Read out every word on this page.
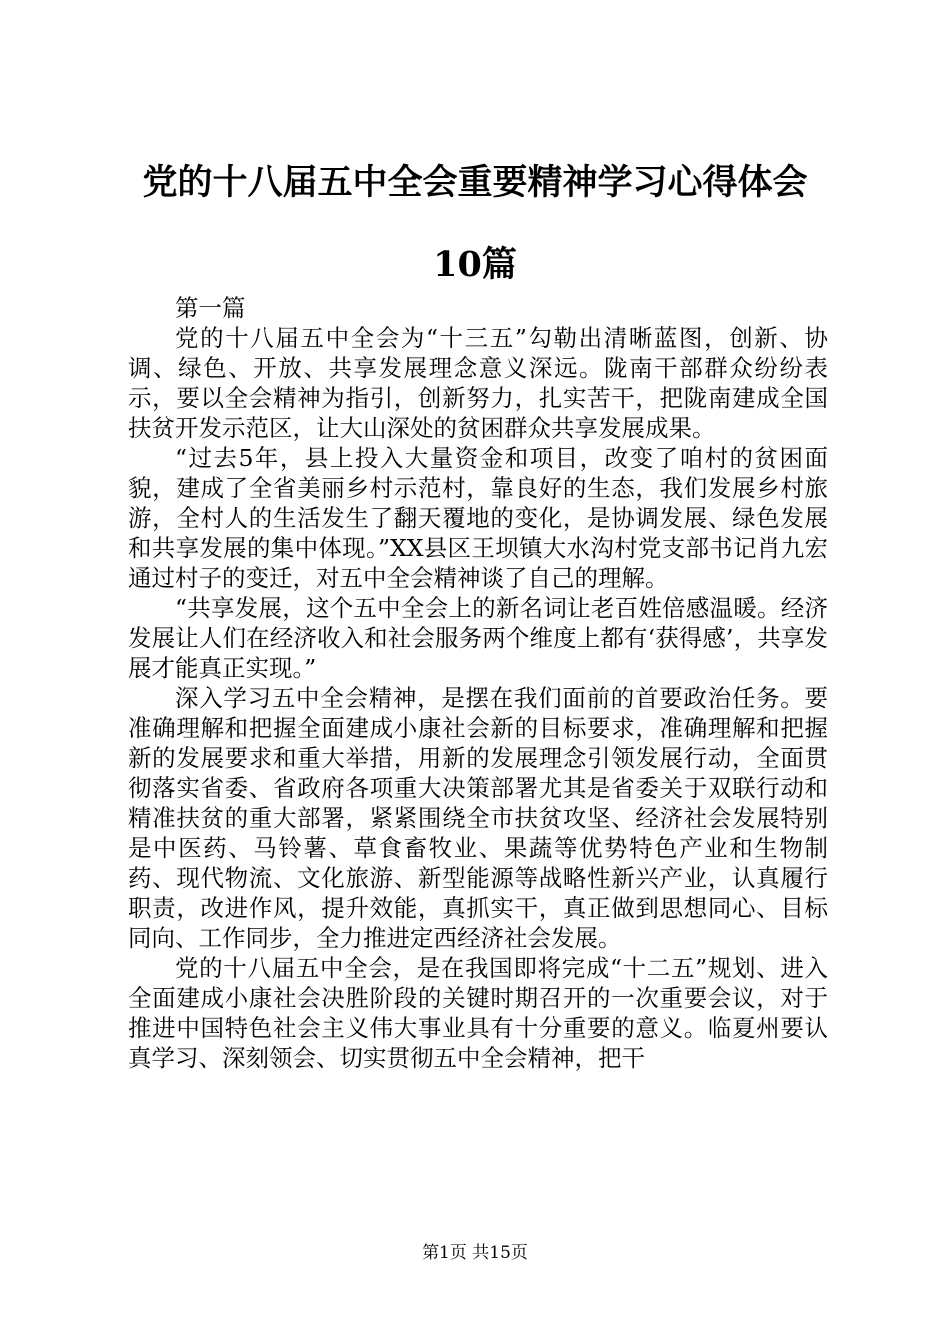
党的十八届五中全会重要精神学习心得体会
10篇

第一篇

党的十八届五中全会为“十三五”勾勒出清晰蓝图，创新、协调、绿色、开放、共享发展理念意义深远。陇南干部群众纷纷表示，要以全会精神为指引，创新努力，扎实苦干，把陇南建成全国扶贫开发示范区，让大山深处的贫困群众共享发展成果。

“过去5年，县上投入大量资金和项目，改变了咱村的贫困面貌，建成了全省美丽乡村示范村，靠良好的生态，我们发展乡村旅游，全村人的生活发生了翻天覆地的变化，是协调发展、绿色发展和共享发展的集中体现。”XX县区王坝镇大水沟村党支部书记肖九宏通过村子的变迁，对五中全会精神谈了自己的理解。

“共享发展，这个五中全会上的新名词让老百姓倍感温暖。经济发展让人们在经济收入和社会服务两个维度上都有‘获得感’，共享发展才能真正实现。”

深入学习五中全会精神，是摆在我们面前的首要政治任务。要准确理解和把握全面建成小康社会新的目标要求，准确理解和把握新的发展要求和重大举措，用新的发展理念引领发展行动，全面贯彻落实省委、省政府各项重大决策部署尤其是省委关于双联行动和精准扶贫的重大部署，紧紧围绕全市扶贫攻坚、经济社会发展特别是中医药、马铃薯、草食畜牧业、果蔬等优势特色产业和生物制药、现代物流、文化旅游、新型能源等战略性新兴产业，认真履行职责，改进作风，提升效能，真抓实干，真正做到思想同心、目标同向、工作同步，全力推进定西经济社会发展。

党的十八届五中全会，是在我国即将完成“十二五”规划、进入全面建成小康社会决胜阶段的关键时期召开的一次重要会议，对于推进中国特色社会主义伟大事业具有十分重要的意义。临夏州要认真学习、深刻领会、切实贯彻五中全会精神，把干

第1页 共15页
